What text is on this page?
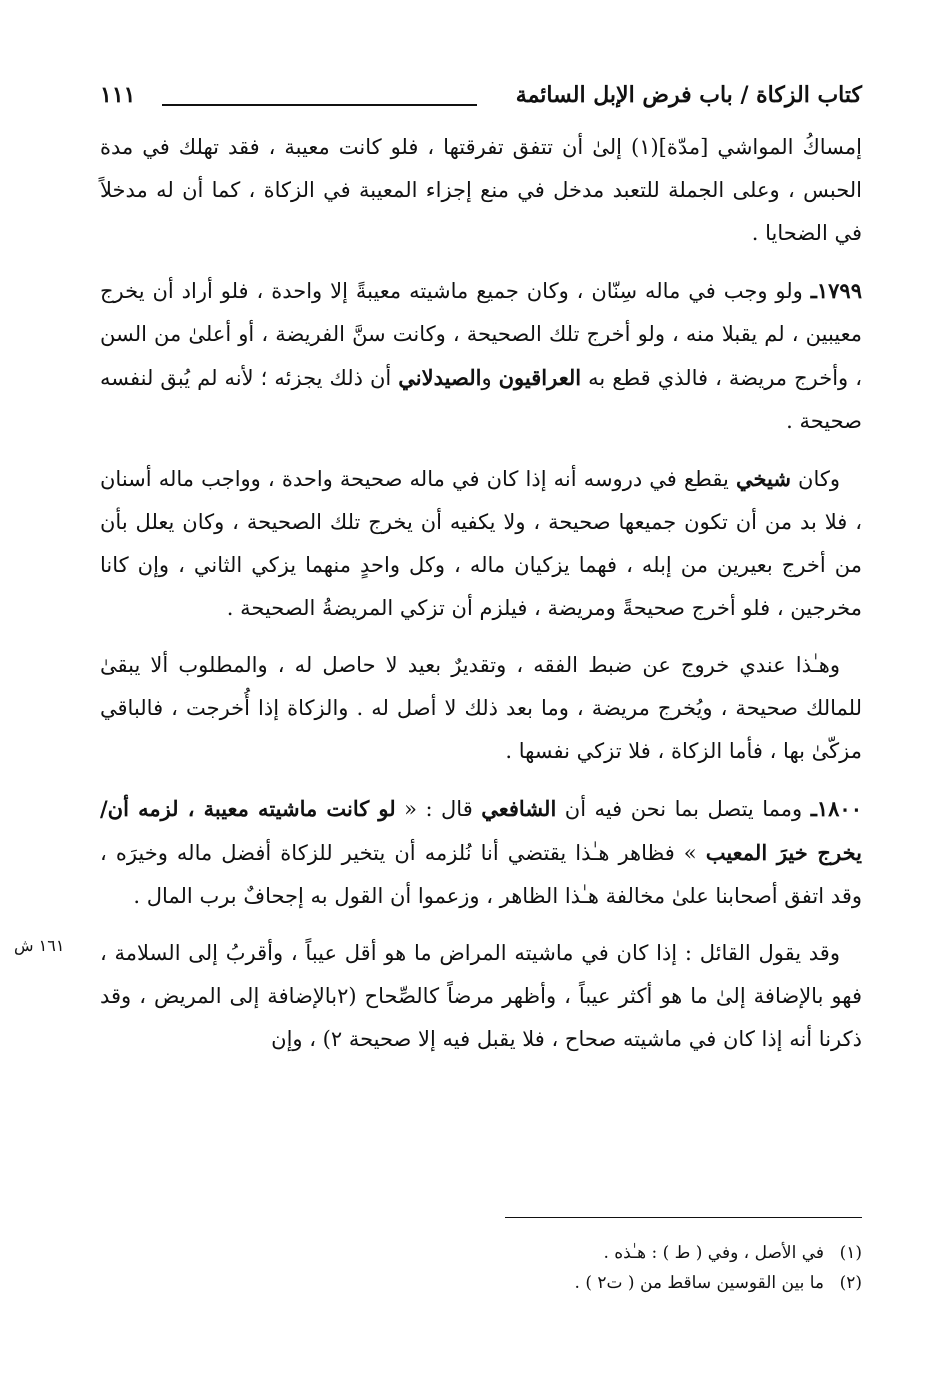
كتاب الزكاة / باب فرض الإبل السائمة
١١١
١٦١ ش

إمساكُ المواشي [مدّة](١) إلىٰ أن تتفق تفرقتها ، فلو كانت معيبة ، فقد تهلك في مدة الحبس ، وعلى الجملة للتعبد مدخل في منع إجزاء المعيبة في الزكاة ، كما أن له مدخلاً في الضحايا .

١٧٩٩ـ ولو وجب في ماله سِنّان ، وكان جميع ماشيته معيبةً إلا واحدة ، فلو أراد أن يخرج معيبين ، لم يقبلا منه ، ولو أخرج تلك الصحيحة ، وكانت سنَّ الفريضة ، أو أعلىٰ من السن ، وأخرج مريضة ، فالذي قطع به العراقيون والصيدلاني أن ذلك يجزئه ؛ لأنه لم يُبق لنفسه صحيحة .

وكان شيخي يقطع في دروسه أنه إذا كان في ماله صحيحة واحدة ، وواجب ماله أسنان ، فلا بد من أن تكون جميعها صحيحة ، ولا يكفيه أن يخرج تلك الصحيحة ، وكان يعلل بأن من أخرج بعيرين من إبله ، فهما يزكيان ماله ، وكل واحدٍ منهما يزكي الثاني ، وإن كانا مخرجين ، فلو أخرج صحيحةً ومريضة ، فيلزم أن تزكي المريضةُ الصحيحة .

وهـٰذا عندي خروج عن ضبط الفقه ، وتقديرٌ بعيد لا حاصل له ، والمطلوب ألا يبقىٰ للمالك صحيحة ، ويُخرج مريضة ، وما بعد ذلك لا أصل له . والزكاة إذا أُخرجت ، فالباقي مزكّىٰ بها ، فأما الزكاة ، فلا تزكي نفسها .

١٨٠٠ـ ومما يتصل بما نحن فيه أن الشافعي قال : « لو كانت ماشيته معيبة ، لزمه أن/ يخرج خيرَ المعيب » فظاهر هـٰذا يقتضي أنا نُلزمه أن يتخير للزكاة أفضل ماله وخيرَه ، وقد اتفق أصحابنا علىٰ مخالفة هـٰذا الظاهر ، وزعموا أن القول به إجحافٌ برب المال .

وقد يقول القائل : إذا كان في ماشيته المراض ما هو أقل عيباً ، وأقربُ إلى السلامة ، فهو بالإضافة إلىٰ ما هو أكثر عيباً ، وأظهر مرضاً كالصِّحاح (٢بالإضافة إلى المريض ، وقد ذكرنا أنه إذا كان في ماشيته صحاح ، فلا يقبل فيه إلا صحيحة ٢) ، وإن

(١)في الأصل ، وفي ( ط ) : هـٰذه .
(٢)ما بين القوسين ساقط من ( ت٢ ) .
